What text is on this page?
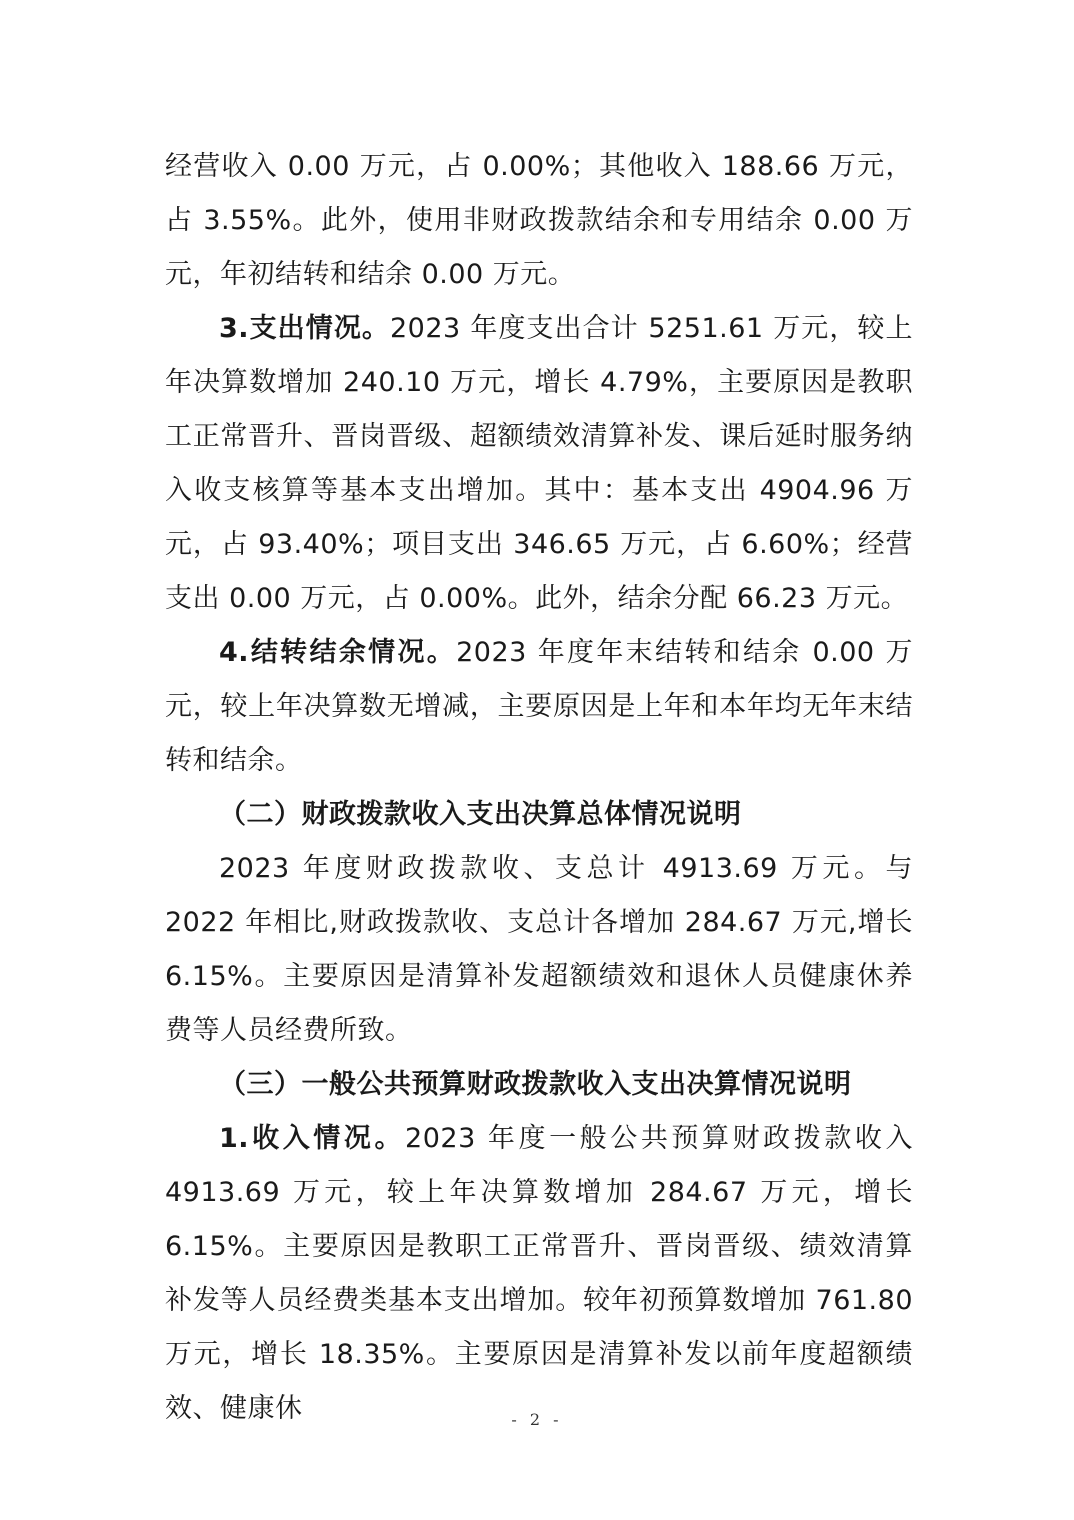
经营收入 0.00 万元，占 0.00%；其他收入 188.66 万元，占 3.55%。此外，使用非财政拨款结余和专用结余 0.00 万元，年初结转和结余 0.00 万元。

3.支出情况。2023 年度支出合计 5251.61 万元，较上年决算数增加 240.10 万元，增长 4.79%，主要原因是教职工正常晋升、晋岗晋级、超额绩效清算补发、课后延时服务纳入收支核算等基本支出增加。其中：基本支出 4904.96 万元，占 93.40%；项目支出 346.65 万元，占 6.60%；经营支出 0.00 万元，占 0.00%。此外，结余分配 66.23 万元。

4.结转结余情况。2023 年度年末结转和结余 0.00 万元，较上年决算数无增减，主要原因是上年和本年均无年末结转和结余。

（二）财政拨款收入支出决算总体情况说明

2023 年度财政拨款收、支总计 4913.69 万元。与 2022 年相比,财政拨款收、支总计各增加 284.67 万元,增长 6.15%。主要原因是清算补发超额绩效和退休人员健康休养费等人员经费所致。

（三）一般公共预算财政拨款收入支出决算情况说明

1.收入情况。2023 年度一般公共预算财政拨款收入 4913.69 万元，较上年决算数增加 284.67 万元，增长 6.15%。主要原因是教职工正常晋升、晋岗晋级、绩效清算补发等人员经费类基本支出增加。较年初预算数增加 761.80 万元，增长 18.35%。主要原因是清算补发以前年度超额绩效、健康休	- 2 -
